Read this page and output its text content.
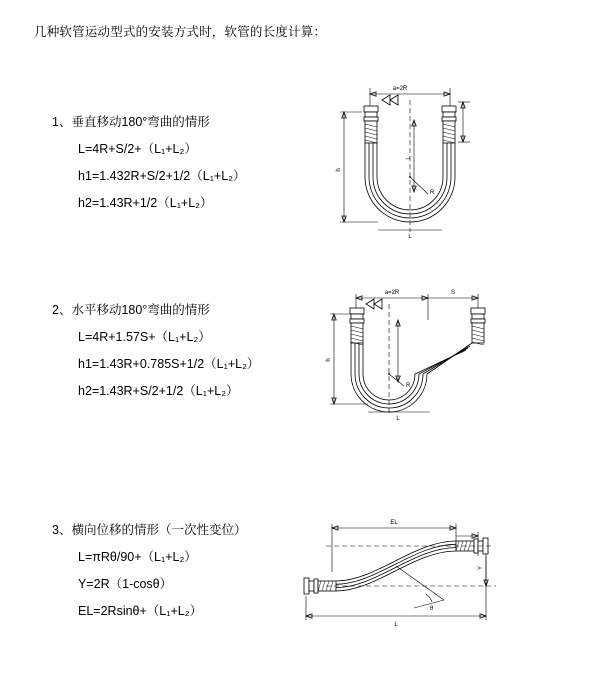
几种软管运动型式的安装方式时，软管的长度计算：
1、垂直移动180°弯曲的情形
L=4R+S/2+（L₁+L₂）
h1=1.432R+S/2+1/2（L₁+L₂）
h2=1.43R+1/2（L₁+L₂）
a=2R
h
L
R
L
2、水平移动180°弯曲的情形
L=4R+1.57S+（L₁+L₂）
h1=1.43R+0.785S+1/2（L₁+L₂）
h2=1.43R+S/2+1/2（L₁+L₂）
a=2R	S
h
R
L
3、横向位移的情形（一次性变位）
L=πRθ/90+（L₁+L₂）
Y=2R（1-cosθ）
EL=2Rsinθ+（L₁+L₂）
EL
Y
θ
L
